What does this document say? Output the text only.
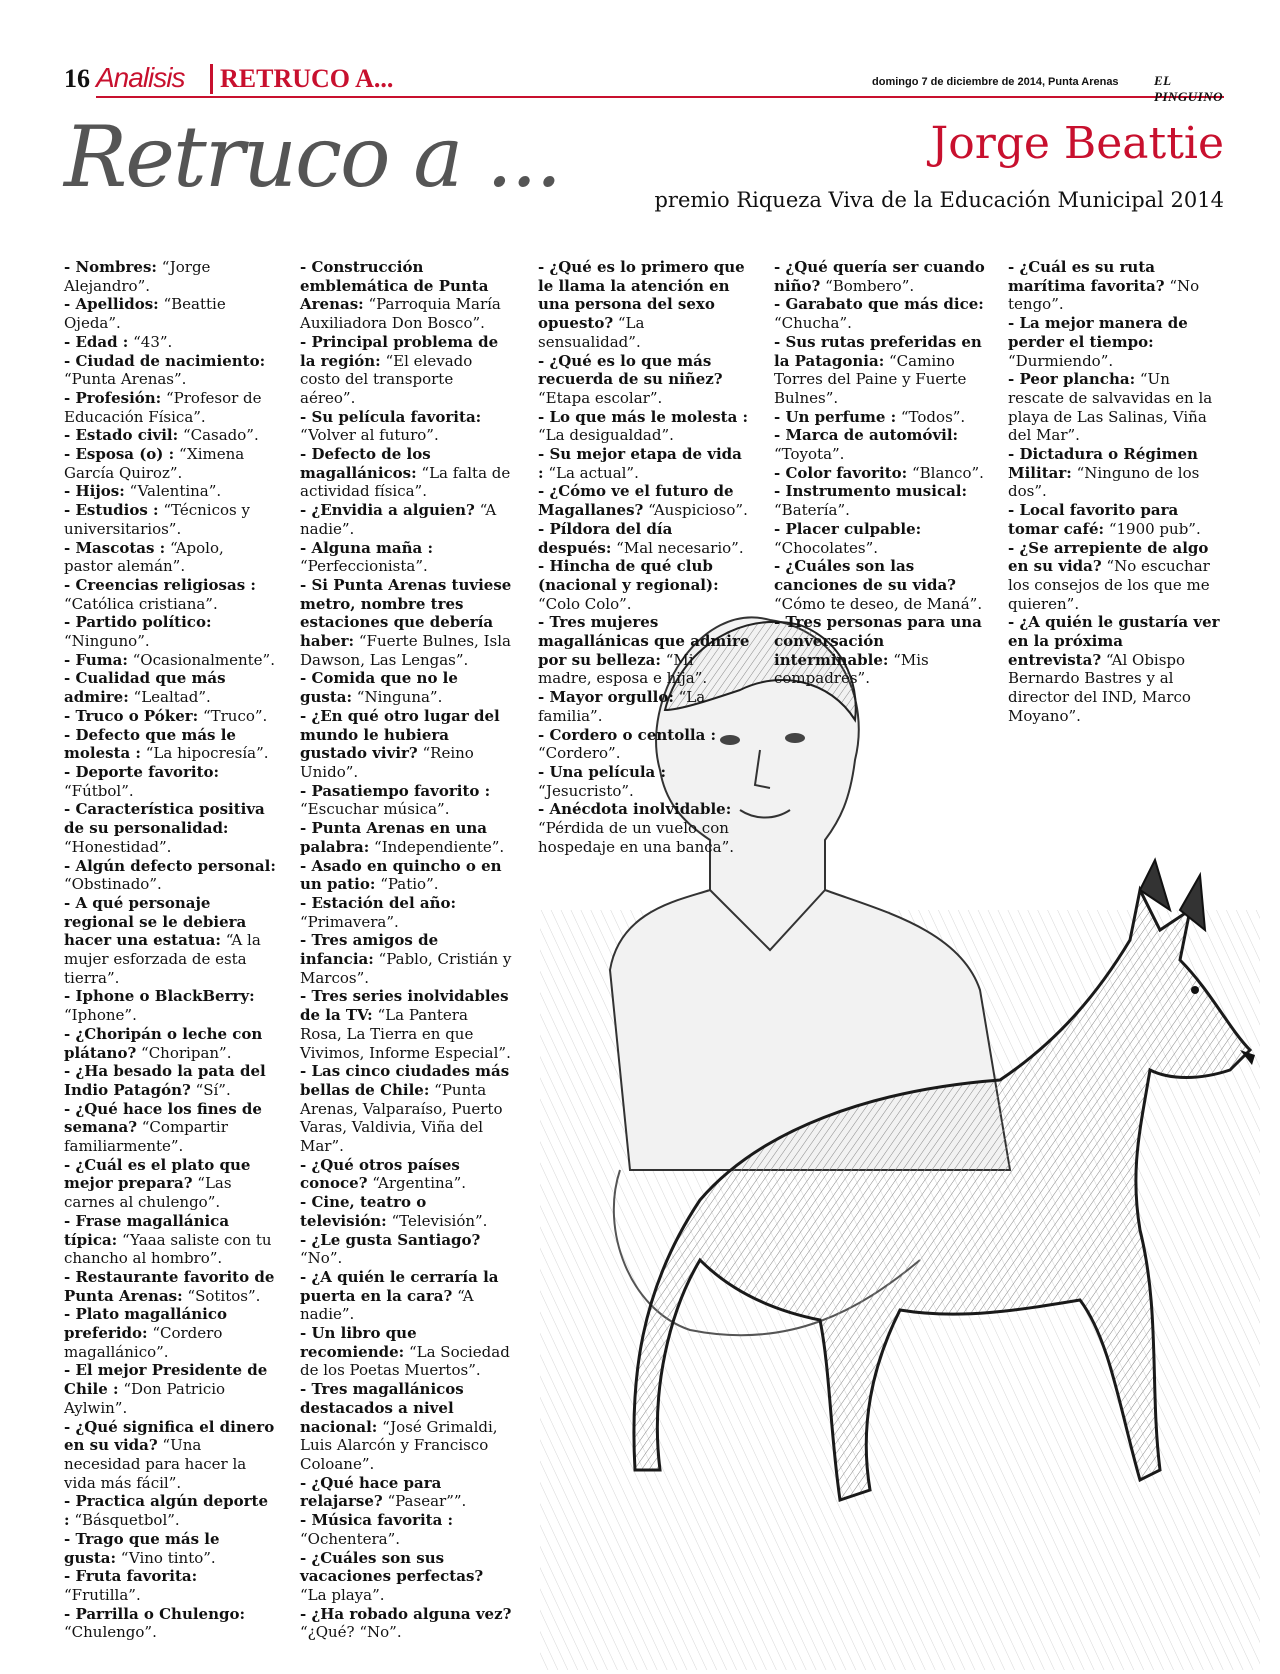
16 Analisis RETRUCO A...	domingo 7 de diciembre de 2014, Punta Arenas	EL PINGUINO
Retruco a ...	Jorge Beattie
premio Riqueza Viva de la Educación Municipal 2014

- Nombres: “Jorge Alejandro”.

- Apellidos: “Beattie Ojeda”.

- Edad : “43”.

- Ciudad de nacimiento: “Punta Arenas”.

- Profesión: “Profesor de Educación Física”.

- Estado civil: “Casado”.

- Esposa (o) : “Ximena García Quiroz”.

- Hijos: “Valentina”.

- Estudios : “Técnicos y universitarios”.

- Mascotas : “Apolo, pastor alemán”.

- Creencias religiosas : “Católica cristiana”.

- Partido político: “Ninguno”.

- Fuma: “Ocasionalmente”.

- Cualidad que más admire: “Lealtad”.

- Truco o Póker: “Truco”.

- Defecto que más le molesta : “La hipocresía”.

- Deporte favorito: “Fútbol”.

- Característica positiva de su personalidad: “Honestidad”.

- Algún defecto personal: “Obstinado”.

- A qué personaje regional se le debiera hacer una estatua: “A la mujer esforzada de esta tierra”.

- Iphone o BlackBerry: “Iphone”.

- ¿Choripán o leche con plátano? “Choripan”.

- ¿Ha besado la pata del Indio Patagón? “Sí”.

- ¿Qué hace los fines de semana? “Compartir familiarmente”.

- ¿Cuál es el plato que mejor prepara? “Las carnes al chulengo”.

- Frase magallánica típica: “Yaaa saliste con tu chancho al hombro”.

- Restaurante favorito de Punta Arenas: “Sotitos”.

- Plato magallánico preferido: “Cordero magallánico”.

- El mejor Presidente de Chile : “Don Patricio Aylwin”.

- ¿Qué significa el dinero en su vida? “Una necesidad para hacer la vida más fácil”.

- Practica algún deporte : “Básquetbol”.

- Trago que más le gusta: “Vino tinto”.

- Fruta favorita: “Frutilla”.

- Parrilla o Chulengo: “Chulengo”.

- Construcción emblemática de Punta Arenas: “Parroquia María Auxiliadora Don Bosco”.

- Principal problema de la región: “El elevado costo del transporte aéreo”.

- Su película favorita: “Volver al futuro”.

- Defecto de los magallánicos: “La falta de actividad física”.

- ¿Envidia a alguien? “A nadie”.

- Alguna maña : “Perfeccionista”.

- Si Punta Arenas tuviese metro, nombre tres estaciones que debería haber: “Fuerte Bulnes, Isla Dawson, Las Lengas”.

- Comida que no le gusta: “Ninguna”.

- ¿En qué otro lugar del mundo le hubiera gustado vivir? “Reino Unido”.

- Pasatiempo favorito : “Escuchar música”.

- Punta Arenas en una palabra: “Independiente”.

- Asado en quincho o en un patio: “Patio”.

- Estación del año: “Primavera”.

- Tres amigos de infancia: “Pablo, Cristián y Marcos”.

- Tres series inolvidables de la TV: “La Pantera Rosa, La Tierra en que Vivimos, Informe Especial”.

- Las cinco ciudades más bellas de Chile: “Punta Arenas, Valparaíso, Puerto Varas, Valdivia, Viña del Mar”.

- ¿Qué otros países conoce? “Argentina”.

- Cine, teatro o televisión: “Televisión”.

- ¿Le gusta Santiago? “No”.

- ¿A quién le cerraría la puerta en la cara? “A nadie”.

- Un libro que recomiende: “La Sociedad de los Poetas Muertos”.

- Tres magallánicos destacados a nivel nacional: “José Grimaldi, Luis Alarcón y Francisco Coloane”.

- ¿Qué hace para relajarse? “Pasear””.

- Música favorita : “Ochentera”.

- ¿Cuáles son sus vacaciones perfectas? “La playa”.

- ¿Ha robado alguna vez? “¿Qué? “No”.

- ¿Qué es lo primero que le llama la atención en una persona del sexo opuesto? “La sensualidad”.

- ¿Qué es lo que más recuerda de su niñez? “Etapa escolar”.

- Lo que más le molesta : “La desigualdad”.

- Su mejor etapa de vida : “La actual”.

- ¿Cómo ve el futuro de Magallanes? “Auspicioso”.

- Píldora del día después: “Mal necesario”.

- Hincha de qué club (nacional y regional): “Colo Colo”.

- Tres mujeres magallánicas que admire por su belleza: “Mi madre, esposa e hija”.

- Mayor orgullo: “La familia”.

- Cordero o centolla : “Cordero”.

- Una película : “Jesucristo”.

- Anécdota inolvidable: “Pérdida de un vuelo con hospedaje en una banca”.

- ¿Qué quería ser cuando niño? “Bombero”.

- Garabato que más dice: “Chucha”.

- Sus rutas preferidas en la Patagonia: “Camino Torres del Paine y Fuerte Bulnes”.

- Un perfume : “Todos”.

- Marca de automóvil: “Toyota”.

- Color favorito: “Blanco”.

- Instrumento musical: “Batería”.

- Placer culpable: “Chocolates”.

- ¿Cuáles son las canciones de su vida? “Cómo te deseo, de Maná”.

- Tres personas para una conversación interminable: “Mis compadres”.

- ¿Cuál es su ruta marítima favorita? “No tengo”.

- La mejor manera de perder el tiempo: “Durmiendo”.

- Peor plancha: “Un rescate de salvavidas en la playa de Las Salinas, Viña del Mar”.

- Dictadura o Régimen Militar: “Ninguno de los dos”.

- Local favorito para tomar café: “1900 pub”.

- ¿Se arrepiente de algo en su vida? “No escuchar los consejos de los que me quieren”.

- ¿A quién le gustaría ver en la próxima entrevista? “Al Obispo Bernardo Bastres y al director del IND, Marco Moyano”.
